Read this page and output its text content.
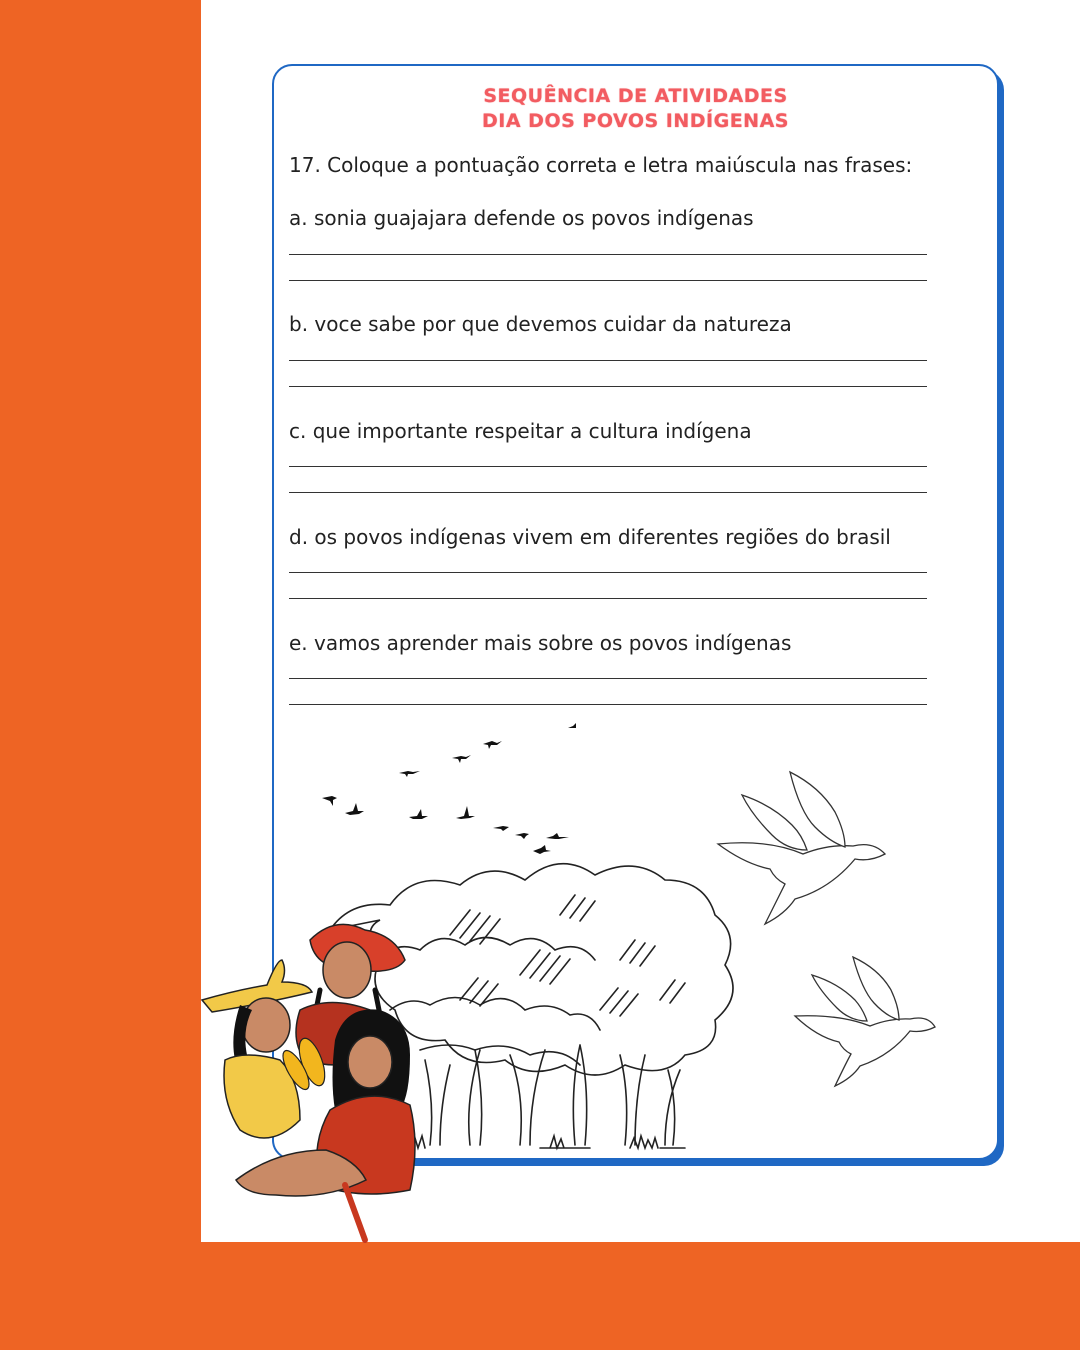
SEQUÊNCIA DE ATIVIDADES
DIA DOS POVOS INDÍGENAS
17. Coloque a pontuação correta e letra maiúscula nas frases:
a. sonia guajajara defende os povos indígenas
b. voce sabe por que devemos cuidar da natureza
c. que importante respeitar a cultura indígena
d. os povos indígenas vivem em diferentes regiões do brasil
e. vamos aprender mais sobre os povos indígenas
